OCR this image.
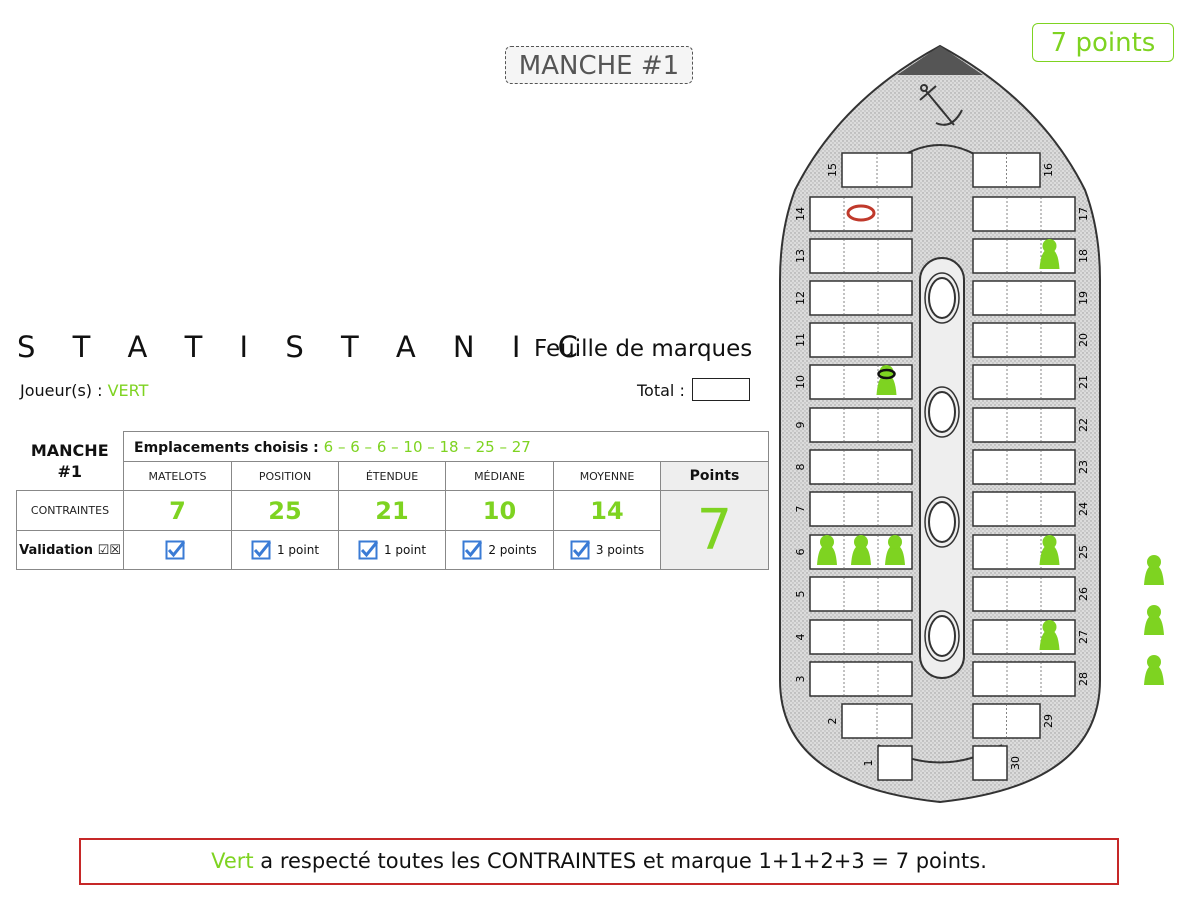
MANCHE #1
7 points
S T A T I S T A N I C
Feuille de marques
Joueur(s) : VERT	Total :
MANCHE
#1	Emplacements choisis : 6 – 6 – 6 – 10 – 18 – 25 – 27					
	MATELOTS	POSITION	ÉTENDUE	MÉDIANE	MOYENNE	Points
CONTRAINTES	7	25	21	10	14	7
Validation ☑☒		1 point	1 point	2 points	3 points	
15
14
13
12
11
10
9
8
7
6
5
4
3
2
1
16
17
18
19
20
21
22
23
24
25
26
27
28
29
30
Vert a respecté toutes les CONTRAINTES et marque 1+1+2+3 = 7 points.
